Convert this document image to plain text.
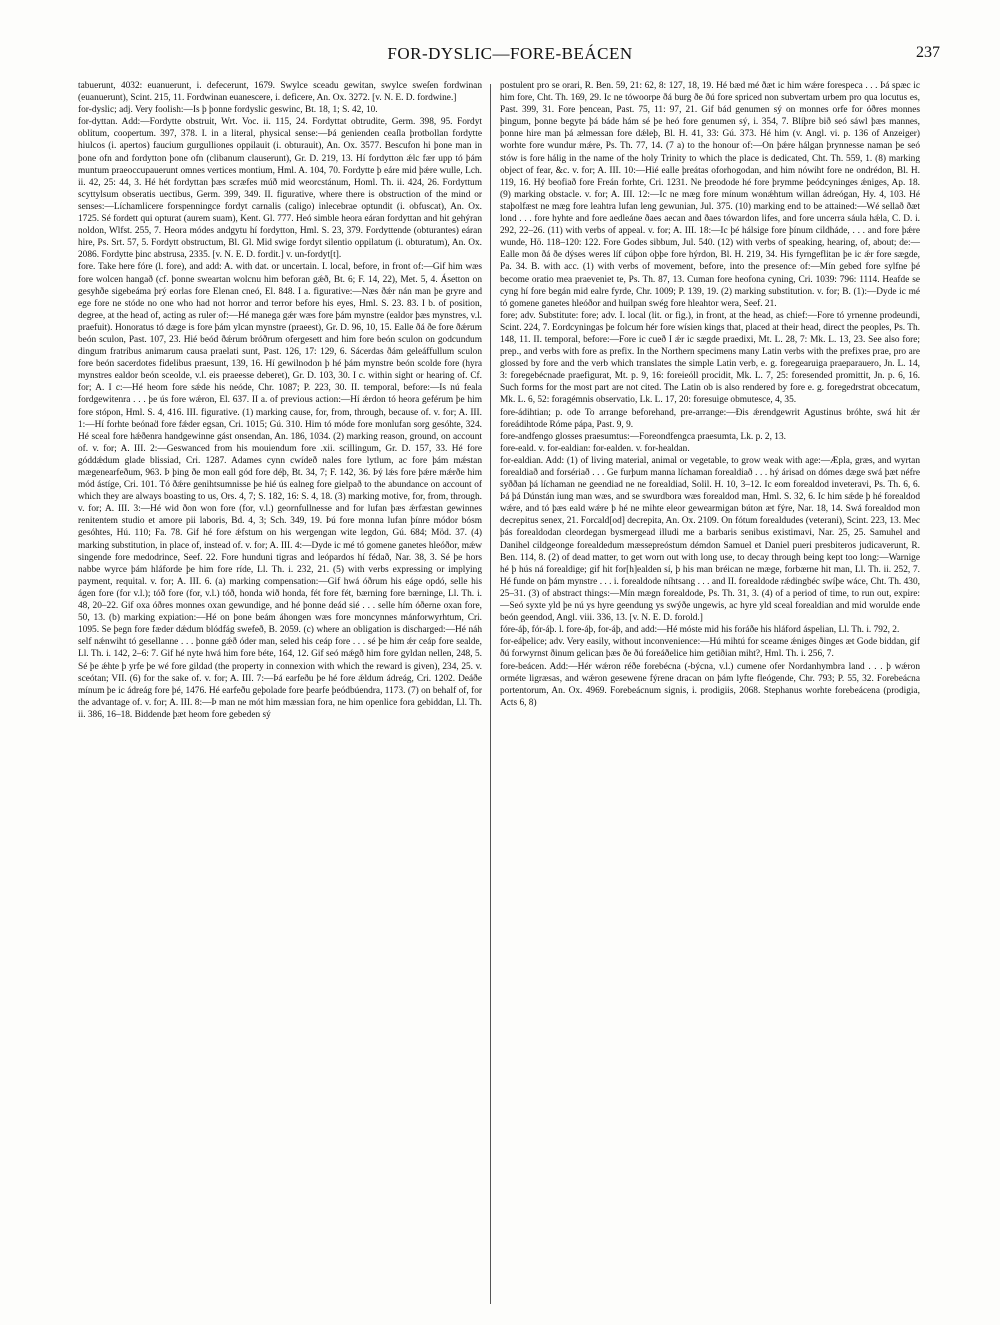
FOR-DYSLIC—FORE-BEÁCEN	237

tabuerunt, 4032: euanuerunt, i. defecerunt, 1679. Swylce sceadu gewitan, swylce sweſen fordwinan (euanuerunt), Scint. 215, 11. Fordwinan euanescere, i. deficere, An. Ox. 3272. [v. N. E. D. fordwine.]

for-dyslic; adj. Very foolish:—Is þ þonne fordyslic geswinc, Bt. 18, 1; S. 42, 10.

for-dyttan. Add:—Fordytte obstruit, Wrt. Voc. ii. 115, 24. Fordyttat obtrudite, Germ. 398, 95. Fordyt oblitum, coopertum. 397, 378. I. in a literal, physical sense:—Þá genienden ceaſla þrotbollan fordytte hiulcos (i. apertos) faucium gurgulliones oppilauit (i. obturauit), An. Ox. 3577. Bescufon hi þone man in þone ofn and fordytton þone ofn (clibanum clauserunt), Gr. D. 219, 13. Hí fordytton ǽlc fær upp tó þám muntum praeoccupauerunt omnes vertices montium, Hml. A. 104, 70. Fordytte þ eáre mid þǽre wulle, Lch. ii. 42, 25: 44, 3. Hé hét fordyttan þæs scræfes múð mid weorcstánum, Homl. Th. ii. 424, 26. Fordyttum scyttylsum obseratis uectibus, Germ. 399, 349. II. figurative, where there is obstruction of the mind or senses:—Líchamlicere forspenningce fordyt carnalis (caligo) inlecebrae optundit (i. obfuscat), An. Ox. 1725. Sé fordett qui opturat (aurem suam), Kent. Gl. 777. Heó simble heora eáran fordyttan and hit gehýran noldon, Wlfst. 255, 7. Heora módes andgytu hí fordytton, Hml. S. 23, 379. Fordyttende (obturantes) eáran hire, Ps. Srt. 57, 5. Fordytt obstructum, Bl. Gl. Mid swige fordyt silentio oppilatum (i. obturatum), An. Ox. 2086. Fordytte þinc abstrusa, 2335. [v. N. E. D. fordit.] v. un-fordyt[t].

fore. Take here fóre (l. fore), and add: A. with dat. or uncertain. I. local, before, in front of:—Gif him wæs fore wolcen hangað (cf. þonne sweartan wolcnu him beforan gǽð, Bt. 6; F. 14, 22), Met. 5, 4. Ásetton on gesyhðe sigebeáma þrý eorlas fore Elenan cneó, El. 848. I a. figurative:—Næs ðǽr nán man þe gryre and ege fore ne stóde no one who had not horror and terror before his eyes, Hml. S. 23. 83. I b. of position, degree, at the head of, acting as ruler of:—Hé manega gǽr wæs fore þám mynstre (ealdor þæs mynstres, v.l. praefuit). Honoratus tó dæge is fore þám ylcan mynstre (praeest), Gr. D. 96, 10, 15. Ealle ðá ðe fore ðǽrum beón sculon, Past. 107, 23. Hié beód ðǽrum bróðrum ofergesett and him fore beón sculon on godcundum dingum fratribus animarum causa praelati sunt, Past. 126, 17: 129, 6. Sácerdas ðám geleáffullum sculon fore beón sacerdotes fidelibus praesunt, 139, 16. Hí gewilnodon þ hé þám mynstre beón scolde fore (hyra mynstres ealdor beón sceolde, v.l. eis praeesse deberet), Gr. D. 103, 30. I c. within sight or hearing of. Cf. for; A. I c:—Hé heom fore sǽde his neóde, Chr. 1087; P. 223, 30. II. temporal, before:—Is nú feala fordgewitenra . . . þe ús fore wǽron, El. 637. II a. of previous action:—Hí ǽrdon tó heora geférum þe him fore stópon, Hml. S. 4, 416. III. figurative. (1) marking cause, for, from, through, because of. v. for; A. III. 1:—Hí forhte beónaḋ fore fǽder egsan, Cri. 1015; Gú. 310. Him tó móde fore monlufan sorg gesóhte, 324. Hé sceal fore hǽðenra handgewinne gást onsendan, An. 186, 1034. (2) marking reason, ground, on account of. v. for; A. III. 2:—Geswanced from his mouiendum fore .xii. scillingum, Gr. D. 157, 33. Hé fore góddǽdum glade blissiad, Cri. 1287. Adames cynn cwídeð nales fore lytlum, ac fore þám mǽstan mægenearfeðum, 963. Þ þing ðe mon eall gód fore déþ, Bt. 34, 7; F. 142, 36. Þý lǽs fore þǽre mǽrðe him mód ástíge, Cri. 101. Tó ðǽre genihtsumnisse þe hié ús ealneg fore gielpað to the abundance on account of which they are always boasting to us, Ors. 4, 7; S. 182, 16: S. 4, 18. (3) marking motive, for, from, through. v. for; A. III. 3:—Hé wid ðon won fore (for, v.l.) geornfullnesse and for lufan þæs ǽrfæstan gewinnes renitentem studio et amore pii laboris, Bd. 4, 3; Sch. 349, 19. Þú fore monna lufan þínre módor bósm gesóhtes, Hú. 110; Fa. 78. Gif hé fore ǽfstum on his wergengan wite legdon, Gú. 684; Möd. 37. (4) marking substitution, in place of, instead of. v. for; A. III. 4:—Dyde ic mé tó gomene ganetes hleóðor, mǽw singende fore medodrince, Seef. 22. Fore hunduni tigras and leópardos hí fédað, Nar. 38, 3. Sé þe hors nabbe wyrce þám hláforde þe him fore ríde, Ll. Th. i. 232, 21. (5) with verbs expressing or implying payment, requital. v. for; A. III. 6. (a) marking compensation:—Gif hwá óðrum his eáge opdó, selle his ágen fore (for v.l.); tóð fore (for, v.l.) tóð, honda wið honda, fét fore fét, bærning fore bærninge, Ll. Th. i. 48, 20–22. Gif oxa óðres monnes oxan gewundige, and hé þonne deád sié . . . selle hím óðerne oxan fore, 50, 13. (b) marking expiation:—Hé on þone beám áhongen wæs fore moncynnes mánforwyrhtum, Cri. 1095. Se þegn fore fæder dǽdum blódfág swefeð, B. 2059. (c) where an obligation is discharged:—Hé náh self nǽnwiht tó gesellanne . . . þonne gǽð óder man, seled his ceáp fore . . . sé þe him ǽr ceáp fore sealde, Ll. Th. i. 142, 2–6: 7. Gif hé nyte hwá him fore béte, 164, 12. Gif seó mǽgð him fore gyldan nellen, 248, 5. Sé þe ǽhte þ yrfe þe wé fore gildad (the property in connexion with which the reward is given), 234, 25. v. sceótan; VII. (6) for the sake of. v. for; A. III. 7:—Þá earfeðu þe hé fore ǽldum ádreág, Cri. 1202. Deáðe mínum þe ic ádreág fore þé, 1476. Hé earfeðu geþolade fore þearfe þeódbúendra, 1173. (7) on behalf of, for the advantage of. v. for; A. III. 8:—Þ man ne mót him mæssian fora, ne him openlice fora gebiddan, Ll. Th. ii. 386, 16–18. Biddende þæt heom fore gebeden sý

postulent pro se orari, R. Ben. 59, 21: 62, 8: 127, 18, 19. Hé bæd mé ðæt ic him wǽre forespeca . . . Þá spæc ic him fore, Cht. Th. 169, 29. Ic ne tówoorpe ðá burg ðe ðú fore spriced non subvertam urbem pro qua locutus es, Past. 399, 31. Fore þencean, Past. 75, 11: 97, 21. Gif bád genumen sý on monnes orfe for óðres monnes þingum, þonne begyte þá báde hám sé þe heó fore genumen sý, i. 354, 7. Blíþre bið seó sáwl þæs mannes, þonne hire man þá ælmessan fore dǽleþ, Bl. H. 41, 33: Gú. 373. Hé him (v. Angl. vi. p. 136 of Anzeiger) worhte fore wundur mǽre, Ps. Th. 77, 14. (7 a) to the honour of:—On þǽre hálgan þrynnesse naman þe seó stów is fore hálig in the name of the holy Trinity to which the place is dedicated, Cht. Th. 559, 1. (8) marking object of fear, &c. v. for; A. III. 10:—Hié ealle þreátas oforhogodan, and him nówiht fore ne ondrédon, Bl. H. 119, 16. Hý beofiað fore Freán forhte, Cri. 1231. Ne þreodode hé fore þrymme þeódcyninges ǽniges, Ap. 18. (9) marking obstacle. v. for; A. III. 12:—Ic ne mæg fore mínum wonǽhtum willan ádreógan, Hy. 4, 103. Hé staþolfæst ne mæg fore leahtra lufan leng gewunian, Jul. 375. (10) marking end to be attained:—Wé sellað ðæt lond . . . fore hyhte and fore aedleáne ðaes aecan and ðaes tówardon lifes, and fore uncerra sáula hǽla, C. D. i. 292, 22–26. (11) with verbs of appeal. v. for; A. III. 18:—Ic þé hálsige fore þínum cildháde, . . . and fore þǽre wunde, Hö. 118–120: 122. Fore Godes sibbum, Jul. 540. (12) with verbs of speaking, hearing, of, about; de:—Ealle mon ðá ðe dýses weres líf cúþon oþþe fore hýrdon, Bl. H. 219, 34. His fyrngeflitan þe ic ǽr fore sægde, Pa. 34. B. with acc. (1) with verbs of movement, before, into the presence of:—Mín gebed fore sylfne þé become oratio mea praeveniet te, Ps. Th. 87, 13. Cuman fore heofona cyning, Cri. 1039: 796: 1114. Heafde se cyng hí fore begán mid ealre fyrde, Chr. 1009; P. 139, 19. (2) marking substitution. v. for; B. (1):—Dyde ic mé tó gomene ganetes hleóðor and huilpan swég fore hleahtor wera, Seef. 21.

fore; adv. Substitute: fore; adv. I. local (lit. or fig.), in front, at the head, as chief:—Fore tó yrnenne prodeundi, Scint. 224, 7. Eordcyningas þe folcum hér fore wísien kings that, placed at their head, direct the peoples, Ps. Th. 148, 11. II. temporal, before:—Fore ic cueð I ǽr ic sægde praedixi, Mt. L. 28, 7: Mk. L. 13, 23. See also fore; prep., and verbs with fore as prefix. In the Northern specimens many Latin verbs with the prefixes prae, pro are glossed by fore and the verb which translates the simple Latin verb, e. g. foregearuiga praeparauero, Jn. L. 14, 3: foregebécnade praefigurat, Mt. p. 9, 16: foreieóll procidit, Mk. L. 7, 25: foresended promittit, Jn. p. 6, 16. Such forms for the most part are not cited. The Latin ob is also rendered by fore e. g. foregedrstrat obcecatum, Mk. L. 6, 52: foragémnis observatio, Lk. L. 17, 20: foresuige obmutesce, 4, 35.

fore-ádihtian; p. ode To arrange beforehand, pre-arrange:—Ðis ǽrendgewrit Agustinus bróhte, swá hit ǽr foreádihtode Róme pápa, Past. 9, 9.

fore-andfengo glosses praesumtus:—Foreondfengca praesumta, Lk. p. 2, 13.

fore-eald. v. for-ealdian: for-ealden. v. for-healdan.

for-ealdian. Add: (1) of living material, animal or vegetable, to grow weak with age:—Æpla, græs, and wyrtan forealdiað and forsériað . . . Ge furþum manna líchaman forealdiað . . . hý árisad on dómes dæge swá þæt néfre syððan þá líchaman ne geendiad ne ne forealdiad, Solil. H. 10, 3–12. Ic eom forealdod inveteravi, Ps. Th. 6, 6. Þá þá Dúnstán iung man wæs, and se swurdbora wæs forealdod man, Hml. S. 32, 6. Ic him sǽde þ hé forealdod wǽre, and tó þæs eald wǽre þ hé ne mihte eleor gewearmigan búton æt fýre, Nar. 18, 14. Swá forealdod mon decrepitus senex, 21. Forcald[od] decrepita, An. Ox. 2109. On fótum forealdudes (veterani), Scint. 223, 13. Mec þás forealdodan cleordegan bysmergead illudi me a barbaris senibus existimavi, Nar. 25, 25. Samuhel and Danihel cildgeonge forealdedum mæssepreóstum démdon Samuel et Daniel pueri presbiteros judicaverunt, R. Ben. 114, 8. (2) of dead matter, to get worn out with long use, to decay through being kept too long:—Warnige hé þ hús ná forealdige; gif hit for[h]ealden sí, þ his man bréican ne mæge, forbærne hit man, Ll. Th. ii. 252, 7. Hé funde on þám mynstre . . . i. forealdode níhtsang . . . and II. forealdode rǽdingbéc swíþe wáce, Cht. Th. 430, 25–31. (3) of abstract things:—Mín mægn forealdode, Ps. Th. 31, 3. (4) of a period of time, to run out, expire:—Seó syxte yld þe nú ys hyre geendung ys swýðe ungewis, ac hyre yld sceal forealdian and mid worulde ende beón geendod, Angl. viii. 336, 13. [v. N. E. D. forold.]

fóre-áþ, fór-áþ. l. fore-áþ, for-áþ, and add:—Hé móste mid his foráðe his hláford áspelian, Ll. Th. i. 792, 2.

for-eáþelice; adv. Very easily, without inconvenience:—Hú mihtú for sceame ǽniges ðinges æt Gode biddan, gif ðú forwyrnst ðinum gelican þæs ðe ðú foreáðelice him getiðian miht?, Hml. Th. i. 256, 7.

fore-beácen. Add:—Hér wǽron réðe forebécna (-býcna, v.l.) cumene ofer Nordanhymbra land . . . þ wǽron orméte ligræsas, and wǽron gesewene fýrene dracan on þám lyfte fleógende, Chr. 793; P. 55, 32. Forebeácna portentorum, An. Ox. 4969. Forebeácnum signis, i. prodigiis, 2068. Stephanus worhte forebeácena (prodigia, Acts 6, 8)
